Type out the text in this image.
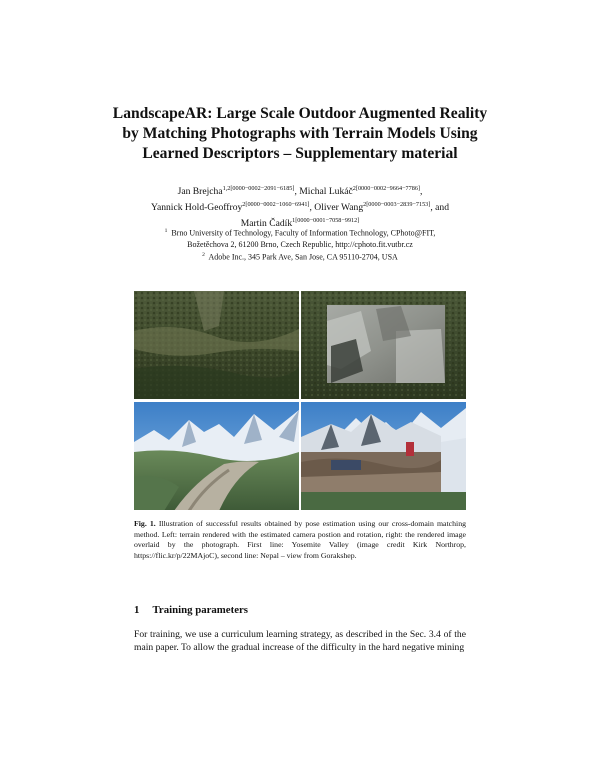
LandscapeAR: Large Scale Outdoor Augmented Reality
by Matching Photographs with Terrain Models Using
Learned Descriptors – Supplementary material
Jan Brejcha$^{1,2[0000-0002-2091-6185]}$, Michal Lukáč$^{2[0000-0002-9664-7786]}$,
Yannick Hold-Geoffroy$^{2[0000-0002-1060-6941]}$, Oliver Wang$^{2[0000-0003-2839-7153]}$, and
Martin Čadík$^{1[0000-0001-7058-9912]}$
$^1$ Brno University of Technology, Faculty of Information Technology, CPhoto@FIT,
Božetěchova 2, 61200 Brno, Czech Republic, http://cphoto.fit.vutbr.cz
$^2$ Adobe Inc., 345 Park Ave, San Jose, CA 95110-2704, USA
Fig. 1. Illustration of successful results obtained by pose estimation using our cross-domain matching method. Left: terrain rendered with the estimated camera postion and rotation, right: the rendered image overlaid by the photograph. First line: Yosemite Valley (image credit Kirk Northrop, https://flic.kr/p/22MAjoC), second line: Nepal – view from Gorakshep.
1 Training parameters

For training, we use a curriculum learning strategy, as described in the Sec. 3.4 of the main paper. To allow the gradual increase of the difficulty in the hard negative mining
